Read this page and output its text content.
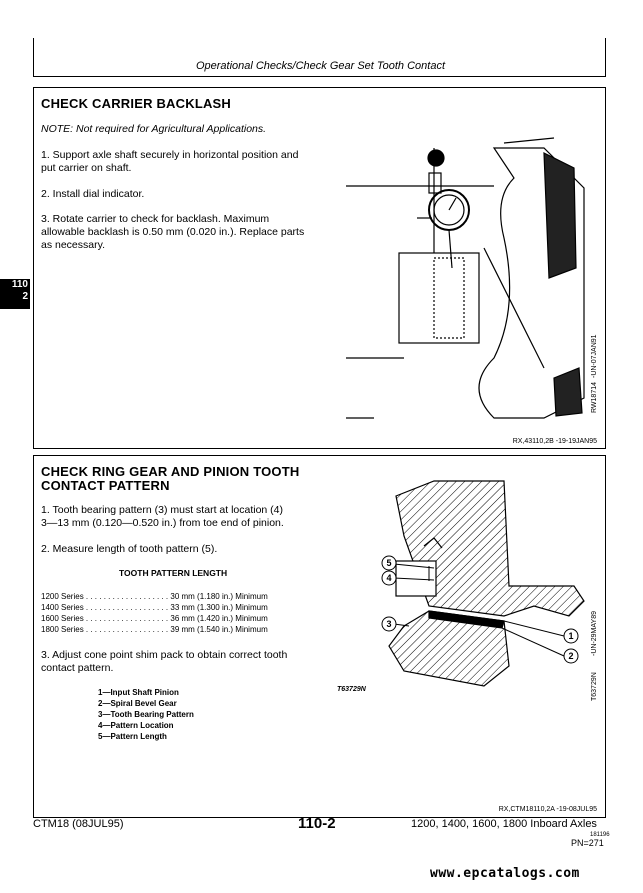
Operational Checks/Check Gear Set Tooth Contact
110
2
CHECK CARRIER BACKLASH
NOTE: Not required for Agricultural Applications.
1. Support axle shaft securely in horizontal position and
put carrier on shaft.
2. Install dial indicator.
3. Rotate carrier to check for backlash. Maximum
allowable backlash is 0.50 mm (0.020 in.). Replace parts
as necessary.
RW18714
-UN-07JAN91
RX,43110,2B -19-19JAN95
CHECK RING GEAR AND PINION TOOTH
CONTACT PATTERN
1. Tooth bearing pattern (3) must start at location (4)
3—13 mm (0.120—0.520 in.) from toe end of pinion.
2. Measure length of tooth pattern (5).
TOOTH PATTERN LENGTH
1200 Series . . . . . . . . . . . . . . . . . . . 30 mm (1.180 in.) Minimum
1400 Series . . . . . . . . . . . . . . . . . . . 33 mm (1.300 in.) Minimum
1600 Series . . . . . . . . . . . . . . . . . . . 36 mm (1.420 in.) Minimum
1800 Series . . . . . . . . . . . . . . . . . . . 39 mm (1.540 in.) Minimum
3. Adjust cone point shim pack to obtain correct tooth
contact pattern.
1—Input Shaft Pinion
2—Spiral Bevel Gear
3—Tooth Bearing Pattern
4—Pattern Location
5—Pattern Length
1
2
3
4
5
T63729N	T63729N
-UN-29MAY89
RX,CTM18110,2A -19-08JUL95
CTM18 (08JUL95)	110-2	1200, 1400, 1600, 1800 Inboard Axles
181196
PN=271
www.epcatalogs.com
